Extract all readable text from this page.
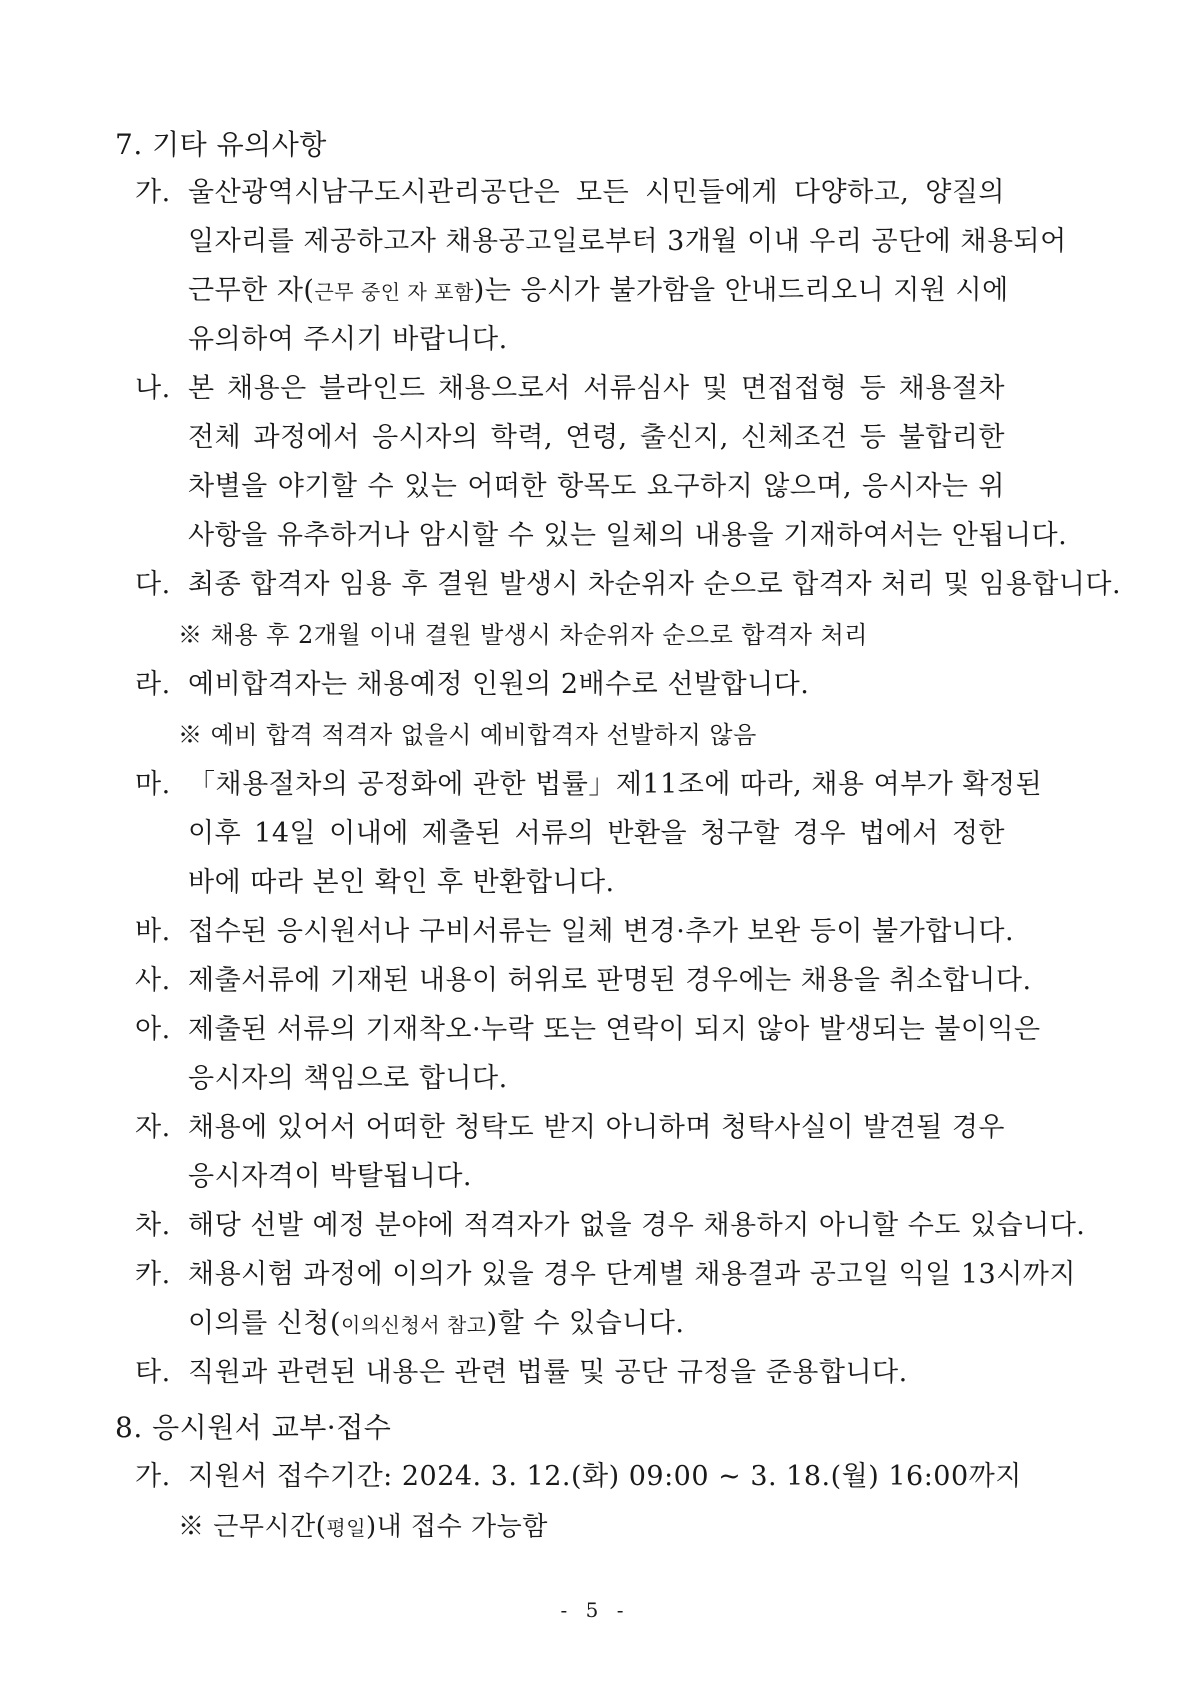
7. 기타 유의사항
가. 울산광역시남구도시관리공단은 모든 시민들에게 다양하고, 양질의
일자리를 제공하고자 채용공고일로부터 3개월 이내 우리 공단에 채용되어
근무한 자(근무 중인 자 포함)는 응시가 불가함을 안내드리오니 지원 시에
유의하여 주시기 바랍니다.
나. 본 채용은 블라인드 채용으로서 서류심사 및 면접접형 등 채용절차
전체 과정에서 응시자의 학력, 연령, 출신지, 신체조건 등 불합리한
차별을 야기할 수 있는 어떠한 항목도 요구하지 않으며, 응시자는 위
사항을 유추하거나 암시할 수 있는 일체의 내용을 기재하여서는 안됩니다.
다. 최종 합격자 임용 후 결원 발생시 차순위자 순으로 합격자 처리 및 임용합니다.
※ 채용 후 2개월 이내 결원 발생시 차순위자 순으로 합격자 처리
라. 예비합격자는 채용예정 인원의 2배수로 선발합니다.
※ 예비 합격 적격자 없을시 예비합격자 선발하지 않음
마. 「채용절차의 공정화에 관한 법률」제11조에 따라, 채용 여부가 확정된
이후 14일 이내에 제출된 서류의 반환을 청구할 경우 법에서 정한
바에 따라 본인 확인 후 반환합니다.
바. 접수된 응시원서나 구비서류는 일체 변경·추가 보완 등이 불가합니다.
사. 제출서류에 기재된 내용이 허위로 판명된 경우에는 채용을 취소합니다.
아. 제출된 서류의 기재착오·누락 또는 연락이 되지 않아 발생되는 불이익은
응시자의 책임으로 합니다.
자. 채용에 있어서 어떠한 청탁도 받지 아니하며 청탁사실이 발견될 경우
응시자격이 박탈됩니다.
차. 해당 선발 예정 분야에 적격자가 없을 경우 채용하지 아니할 수도 있습니다.
카. 채용시험 과정에 이의가 있을 경우 단계별 채용결과 공고일 익일 13시까지
이의를 신청(이의신청서 참고)할 수 있습니다.
타. 직원과 관련된 내용은 관련 법률 및 공단 규정을 준용합니다.
8. 응시원서 교부·접수
가. 지원서 접수기간: 2024. 3. 12.(화) 09:00 ~ 3. 18.(월) 16:00까지
※ 근무시간(평일)내 접수 가능함
- 5 -
